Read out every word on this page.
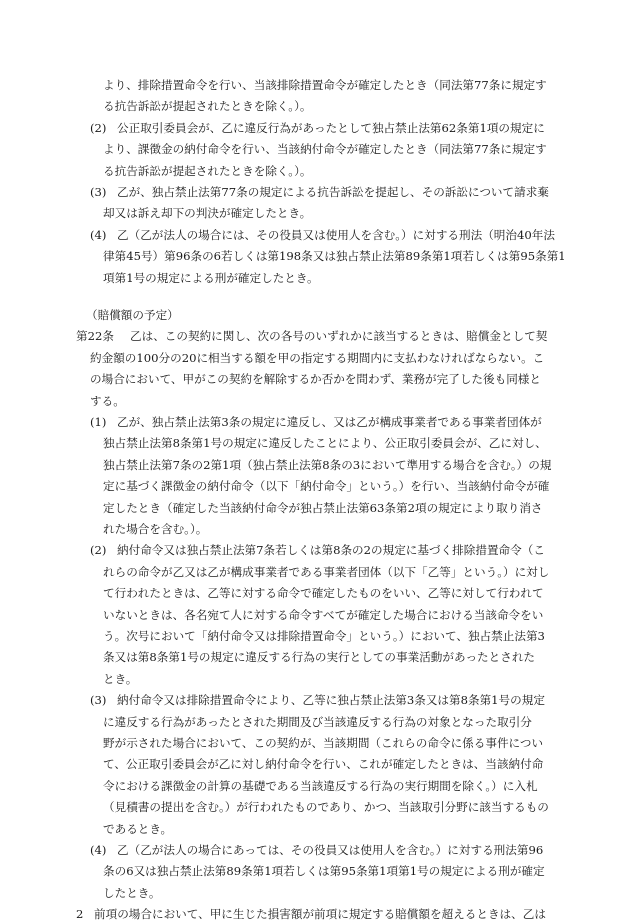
より、排除措置命令を行い、当該排除措置命令が確定したとき（同法第77条に規定す
る抗告訴訟が提起されたときを除く。）。
(2) 公正取引委員会が、乙に違反行為があったとして独占禁止法第62条第1項の規定に
より、課徴金の納付命令を行い、当該納付命令が確定したとき（同法第77条に規定す
る抗告訴訟が提起されたときを除く。）。
(3) 乙が、独占禁止法第77条の規定による抗告訴訟を提起し、その訴訟について請求棄
却又は訴え却下の判決が確定したとき。
(4) 乙（乙が法人の場合には、その役員又は使用人を含む。）に対する刑法（明治40年法
律第45号）第96条の6若しくは第198条又は独占禁止法第89条第1項若しくは第95条第1
項第1号の規定による刑が確定したとき。
（賠償額の予定）
第22条 乙は、この契約に関し、次の各号のいずれかに該当するときは、賠償金として契
約金額の100分の20に相当する額を甲の指定する期間内に支払わなければならない。こ
の場合において、甲がこの契約を解除するか否かを問わず、業務が完了した後も同様と
する。
(1) 乙が、独占禁止法第3条の規定に違反し、又は乙が構成事業者である事業者団体が
独占禁止法第8条第1号の規定に違反したことにより、公正取引委員会が、乙に対し、
独占禁止法第7条の2第1項（独占禁止法第8条の3において準用する場合を含む。）の規
定に基づく課徴金の納付命令（以下「納付命令」という。）を行い、当該納付命令が確
定したとき（確定した当該納付命令が独占禁止法第63条第2項の規定により取り消さ
れた場合を含む。）。
(2) 納付命令又は独占禁止法第7条若しくは第8条の2の規定に基づく排除措置命令（こ
れらの命令が乙又は乙が構成事業者である事業者団体（以下「乙等」という。）に対し
て行われたときは、乙等に対する命令で確定したものをいい、乙等に対して行われて
いないときは、各名宛て人に対する命令すべてが確定した場合における当該命令をい
う。次号において「納付命令又は排除措置命令」という。）において、独占禁止法第3
条又は第8条第1号の規定に違反する行為の実行としての事業活動があったとされた
とき。
(3) 納付命令又は排除措置命令により、乙等に独占禁止法第3条又は第8条第1号の規定
に違反する行為があったとされた期間及び当該違反する行為の対象となった取引分
野が示された場合において、この契約が、当該期間（これらの命令に係る事件につい
て、公正取引委員会が乙に対し納付命令を行い、これが確定したときは、当該納付命
令における課徴金の計算の基礎である当該違反する行為の実行期間を除く。）に入札
（見積書の提出を含む。）が行われたものであり、かつ、当該取引分野に該当するもの
であるとき。
(4) 乙（乙が法人の場合にあっては、その役員又は使用人を含む。）に対する刑法第96
条の6又は独占禁止法第89条第1項若しくは第95条第1項第1号の規定による刑が確定
したとき。
2 前項の場合において、甲に生じた損害額が前項に規定する賠償額を超えるときは、乙は
